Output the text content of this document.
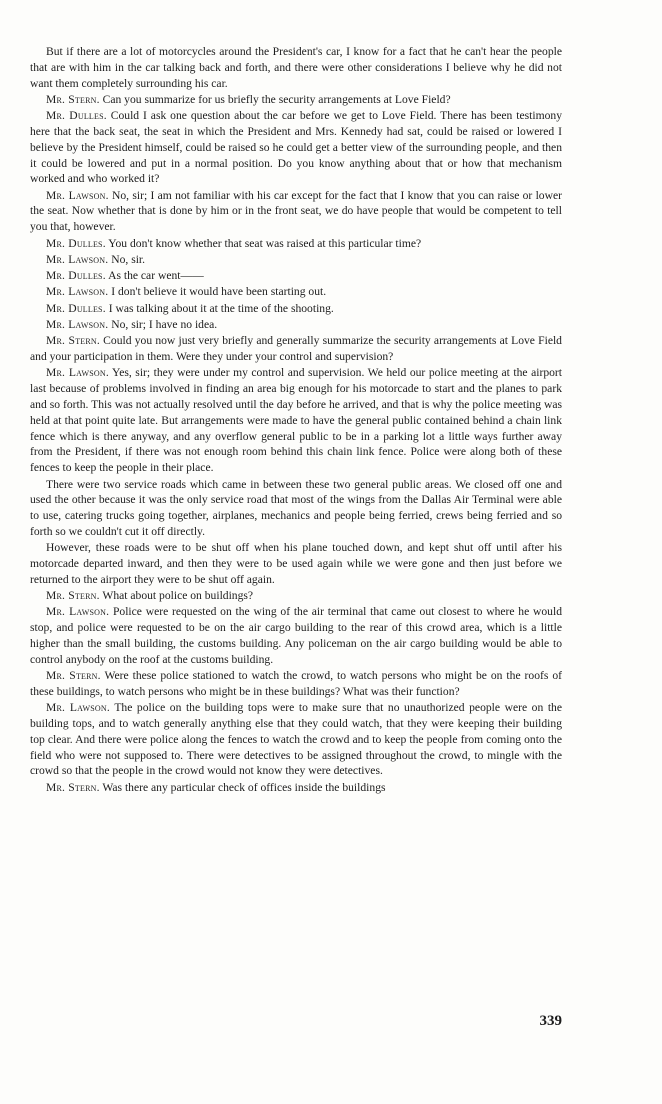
But if there are a lot of motorcycles around the President's car, I know for a fact that he can't hear the people that are with him in the car talking back and forth, and there were other considerations I believe why he did not want them completely surrounding his car.

Mr. Stern. Can you summarize for us briefly the security arrangements at Love Field?

Mr. Dulles. Could I ask one question about the car before we get to Love Field. There has been testimony here that the back seat, the seat in which the President and Mrs. Kennedy had sat, could be raised or lowered I believe by the President himself, could be raised so he could get a better view of the surrounding people, and then it could be lowered and put in a normal position. Do you know anything about that or how that mechanism worked and who worked it?

Mr. Lawson. No, sir; I am not familiar with his car except for the fact that I know that you can raise or lower the seat. Now whether that is done by him or in the front seat, we do have people that would be competent to tell you that, however.

Mr. Dulles. You don't know whether that seat was raised at this particular time?

Mr. Lawson. No, sir.

Mr. Dulles. As the car went——

Mr. Lawson. I don't believe it would have been starting out.

Mr. Dulles. I was talking about it at the time of the shooting.

Mr. Lawson. No, sir; I have no idea.

Mr. Stern. Could you now just very briefly and generally summarize the security arrangements at Love Field and your participation in them. Were they under your control and supervision?

Mr. Lawson. Yes, sir; they were under my control and supervision. We held our police meeting at the airport last because of problems involved in finding an area big enough for his motorcade to start and the planes to park and so forth. This was not actually resolved until the day before he arrived, and that is why the police meeting was held at that point quite late. But arrangements were made to have the general public contained behind a chain link fence which is there anyway, and any overflow general public to be in a parking lot a little ways further away from the President, if there was not enough room behind this chain link fence. Police were along both of these fences to keep the people in their place.

There were two service roads which came in between these two general public areas. We closed off one and used the other because it was the only service road that most of the wings from the Dallas Air Terminal were able to use, catering trucks going together, airplanes, mechanics and people being ferried, crews being ferried and so forth so we couldn't cut it off directly.

However, these roads were to be shut off when his plane touched down, and kept shut off until after his motorcade departed inward, and then they were to be used again while we were gone and then just before we returned to the airport they were to be shut off again.

Mr. Stern. What about police on buildings?

Mr. Lawson. Police were requested on the wing of the air terminal that came out closest to where he would stop, and police were requested to be on the air cargo building to the rear of this crowd area, which is a little higher than the small building, the customs building. Any policeman on the air cargo building would be able to control anybody on the roof at the customs building.

Mr. Stern. Were these police stationed to watch the crowd, to watch persons who might be on the roofs of these buildings, to watch persons who might be in these buildings? What was their function?

Mr. Lawson. The police on the building tops were to make sure that no unauthorized people were on the building tops, and to watch generally anything else that they could watch, that they were keeping their building top clear. And there were police along the fences to watch the crowd and to keep the people from coming onto the field who were not supposed to. There were detectives to be assigned throughout the crowd, to mingle with the crowd so that the people in the crowd would not know they were detectives.

Mr. Stern. Was there any particular check of offices inside the buildings

339
